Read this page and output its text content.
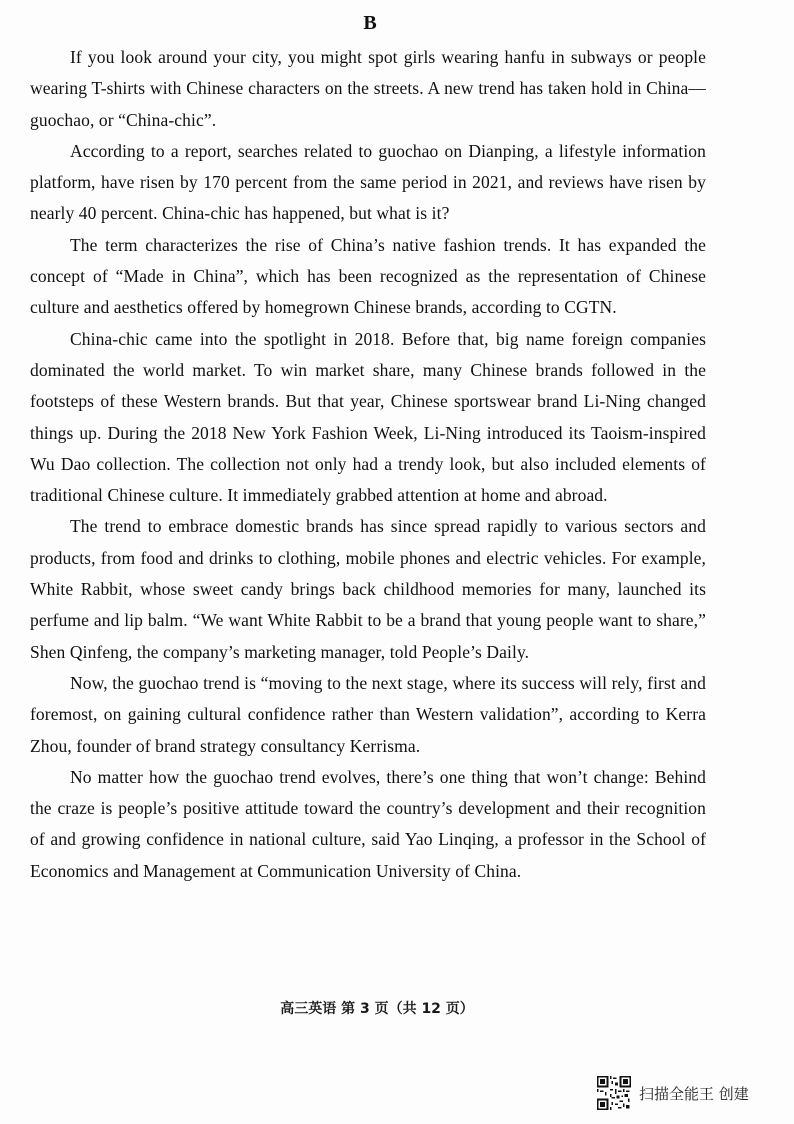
B

If you look around your city, you might spot girls wearing hanfu in subways or people wearing T-shirts with Chinese characters on the streets. A new trend has taken hold in China—guochao, or “China-chic”.

According to a report, searches related to guochao on Dianping, a lifestyle information platform, have risen by 170 percent from the same period in 2021, and reviews have risen by nearly 40 percent. China-chic has happened, but what is it?

The term characterizes the rise of China’s native fashion trends. It has expanded the concept of “Made in China”, which has been recognized as the representation of Chinese culture and aesthetics offered by homegrown Chinese brands, according to CGTN.

China-chic came into the spotlight in 2018. Before that, big name foreign companies dominated the world market. To win market share, many Chinese brands followed in the footsteps of these Western brands. But that year, Chinese sportswear brand Li-Ning changed things up. During the 2018 New York Fashion Week, Li-Ning introduced its Taoism-inspired Wu Dao collection. The collection not only had a trendy look, but also included elements of traditional Chinese culture. It immediately grabbed attention at home and abroad.

The trend to embrace domestic brands has since spread rapidly to various sectors and products, from food and drinks to clothing, mobile phones and electric vehicles. For example, White Rabbit, whose sweet candy brings back childhood memories for many, launched its perfume and lip balm. “We want White Rabbit to be a brand that young people want to share,” Shen Qinfeng, the company’s marketing manager, told People’s Daily.

Now, the guochao trend is “moving to the next stage, where its success will rely, first and foremost, on gaining cultural confidence rather than Western validation”, according to Kerra Zhou, founder of brand strategy consultancy Kerrisma.

No matter how the guochao trend evolves, there’s one thing that won’t change: Behind the craze is people’s positive attitude toward the country’s development and their recognition of and growing confidence in national culture, said Yao Linqing, a professor in the School of Economics and Management at Communication University of China.

高三英语 第 3 页（共 12 页）
扫描全能王 创建
